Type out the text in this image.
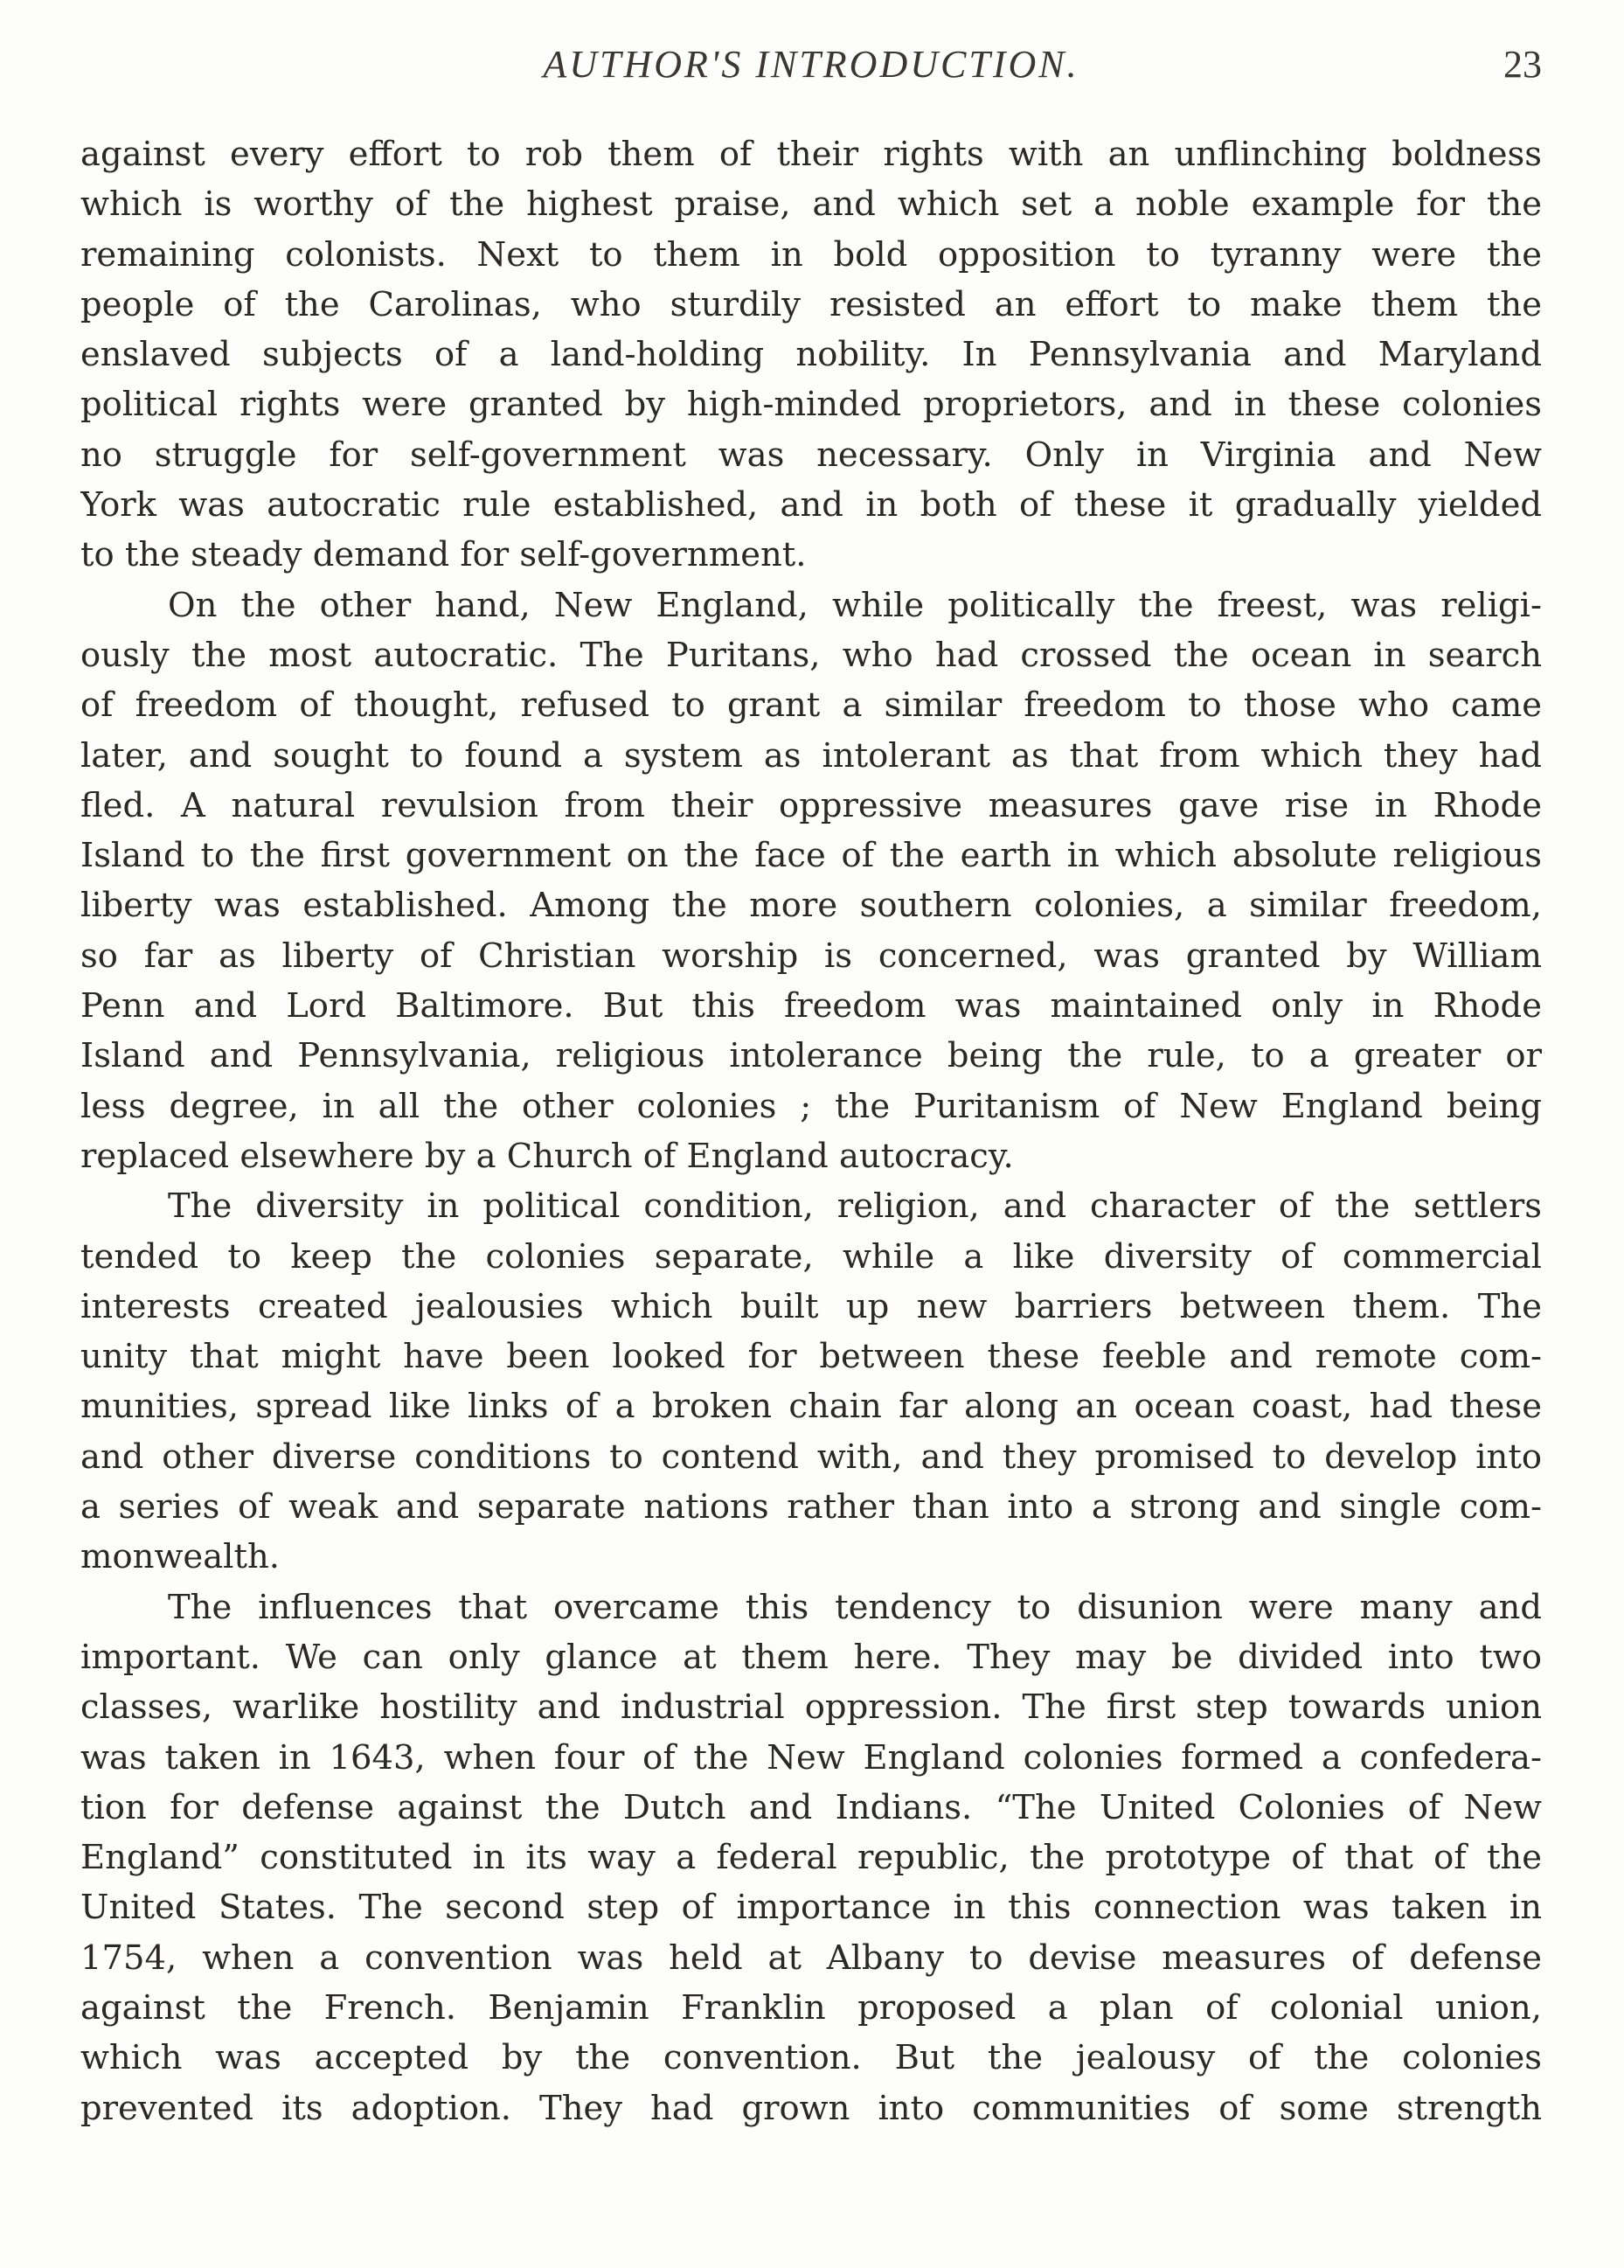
AUTHOR'S INTRODUCTION.	23
against every effort to rob them of their rights with an unflinching boldness
which is worthy of the highest praise, and which set a noble example for the
remaining colonists. Next to them in bold opposition to tyranny were the
people of the Carolinas, who sturdily resisted an effort to make them the
enslaved subjects of a land-holding nobility. In Pennsylvania and Maryland
political rights were granted by high-minded proprietors, and in these colonies
no struggle for self-government was necessary. Only in Virginia and New
York was autocratic rule established, and in both of these it gradually yielded
to the steady demand for self-government.
On the other hand, New England, while politically the freest, was religi-
ously the most autocratic. The Puritans, who had crossed the ocean in search
of freedom of thought, refused to grant a similar freedom to those who came
later, and sought to found a system as intolerant as that from which they had
fled. A natural revulsion from their oppressive measures gave rise in Rhode
Island to the first government on the face of the earth in which absolute religious
liberty was established. Among the more southern colonies, a similar freedom,
so far as liberty of Christian worship is concerned, was granted by William
Penn and Lord Baltimore. But this freedom was maintained only in Rhode
Island and Pennsylvania, religious intolerance being the rule, to a greater or
less degree, in all the other colonies ; the Puritanism of New England being
replaced elsewhere by a Church of England autocracy.
The diversity in political condition, religion, and character of the settlers
tended to keep the colonies separate, while a like diversity of commercial
interests created jealousies which built up new barriers between them. The
unity that might have been looked for between these feeble and remote com-
munities, spread like links of a broken chain far along an ocean coast, had these
and other diverse conditions to contend with, and they promised to develop into
a series of weak and separate nations rather than into a strong and single com-
monwealth.
The influences that overcame this tendency to disunion were many and
important. We can only glance at them here. They may be divided into two
classes, warlike hostility and industrial oppression. The first step towards union
was taken in 1643, when four of the New England colonies formed a confedera-
tion for defense against the Dutch and Indians. “The United Colonies of New
England” constituted in its way a federal republic, the prototype of that of the
United States. The second step of importance in this connection was taken in
1754, when a convention was held at Albany to devise measures of defense
against the French. Benjamin Franklin proposed a plan of colonial union,
which was accepted by the convention. But the jealousy of the colonies
prevented its adoption. They had grown into communities of some strength
